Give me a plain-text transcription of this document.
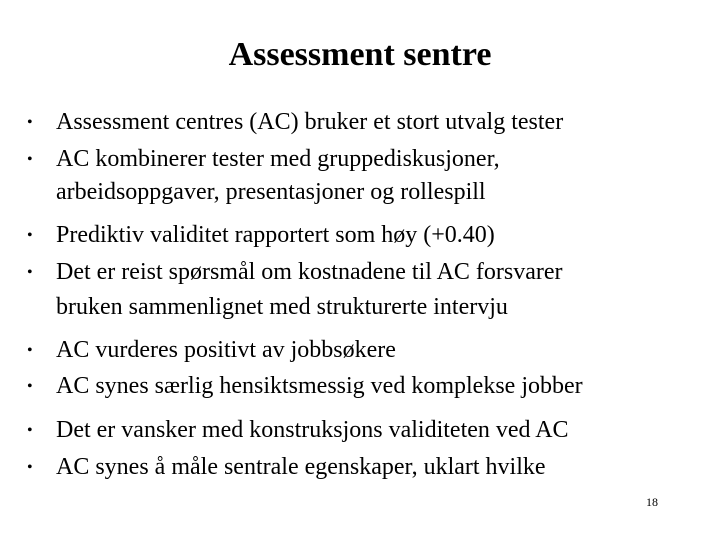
Assessment sentre
• Assessment centres (AC) bruker et stort utvalg tester
• AC kombinerer tester med gruppediskusjoner,
arbeidsoppgaver, presentasjoner og rollespill
• Prediktiv validitet rapportert som høy (+0.40)
• Det er reist spørsmål om kostnadene til AC forsvarer
bruken sammenlignet med strukturerte intervju
• AC vurderes positivt av jobbsøkere
• AC synes særlig hensiktsmessig ved komplekse jobber
• Det er vansker med konstruksjons validiteten ved AC
• AC synes å måle sentrale egenskaper, uklart hvilke
18
